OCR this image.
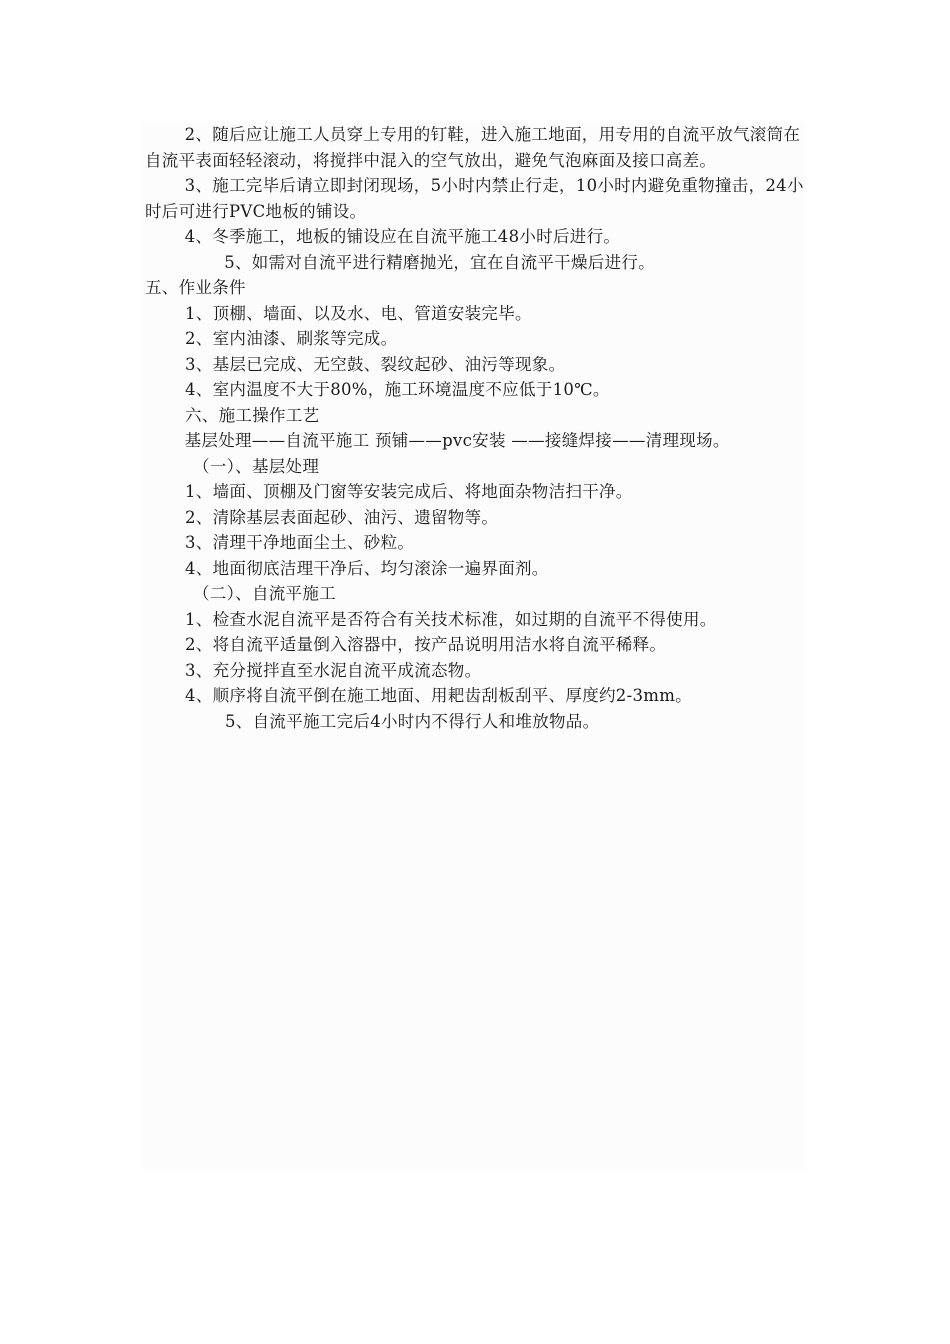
2、随后应让施工人员穿上专用的钉鞋，进入施工地面，用专用的自流平放气滚筒在自流平表面轻轻滚动，将搅拌中混入的空气放出，避免气泡麻面及接口高差。

3、施工完毕后请立即封闭现场，5小时内禁止行走，10小时内避免重物撞击，24小时后可进行PVC地板的铺设。

4、冬季施工，地板的铺设应在自流平施工48小时后进行。

5、如需对自流平进行精磨抛光，宜在自流平干燥后进行。

五、作业条件

1、顶棚、墙面、以及水、电、管道安装完毕。

2、室内油漆、刷浆等完成。

3、基层已完成、无空鼓、裂纹起砂、油污等现象。

4、室内温度不大于80%，施工环境温度不应低于10℃。

六、施工操作工艺

基层处理——自流平施工 预铺——pvc安装 ——接缝焊接——清理现场。

（一）、基层处理

1、墙面、顶棚及门窗等安装完成后、将地面杂物洁扫干净。

2、清除基层表面起砂、油污、遗留物等。

3、清理干净地面尘土、砂粒。

4、地面彻底洁理干净后、均匀滚涂一遍界面剂。

（二）、自流平施工

1、检查水泥自流平是否符合有关技术标准，如过期的自流平不得使用。

2、将自流平适量倒入溶器中，按产品说明用洁水将自流平稀释。

3、充分搅拌直至水泥自流平成流态物。

4、顺序将自流平倒在施工地面、用耙齿刮板刮平、厚度约2-3mm。

5、自流平施工完后4小时内不得行人和堆放物品。
